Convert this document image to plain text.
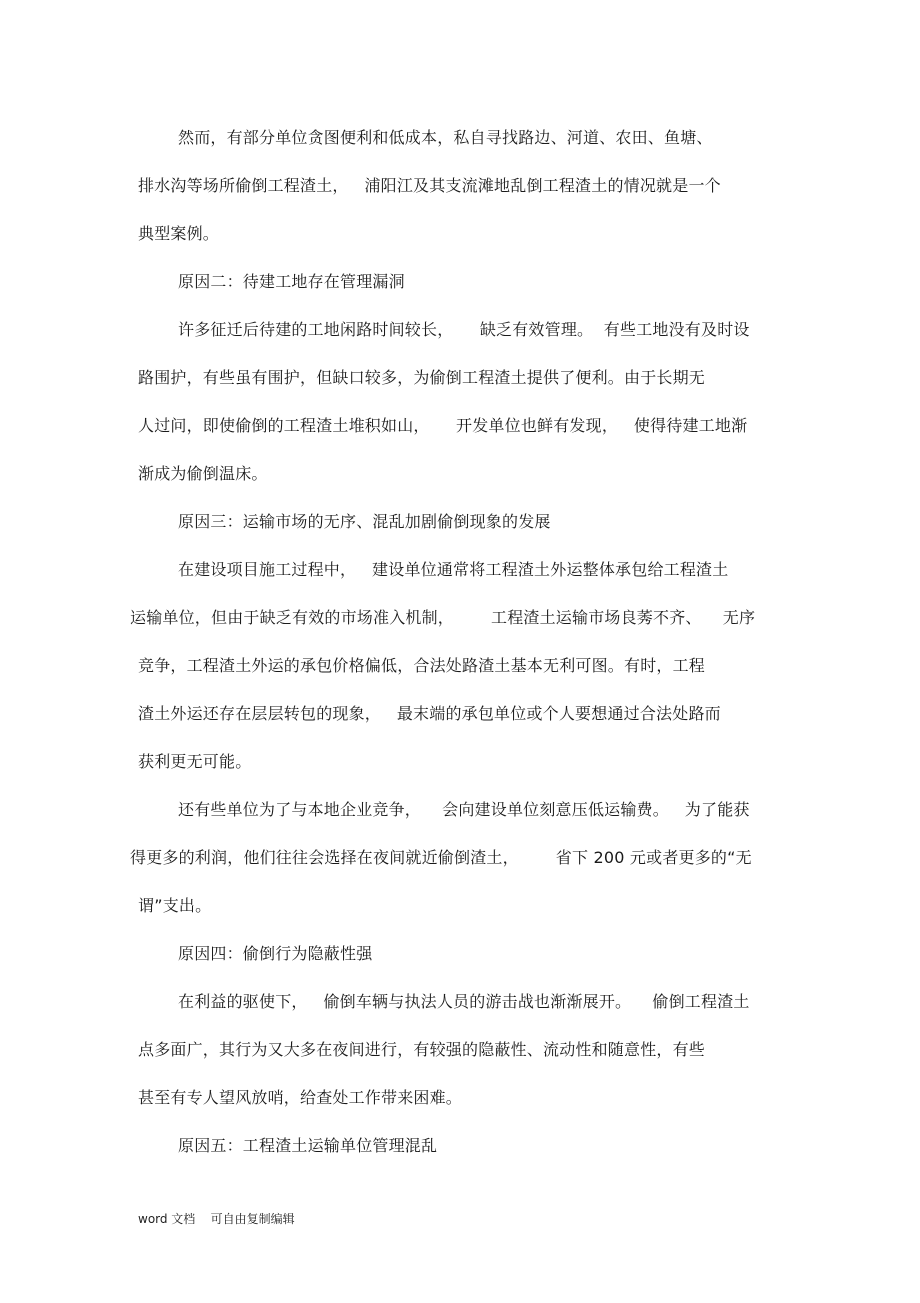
然而，有部分单位贪图便利和低成本，私自寻找路边、河道、农田、鱼塘、
排水沟等场所偷倒工程渣土，   浦阳江及其支流滩地乱倒工程渣土的情况就是一个
典型案例。
原因二：待建工地存在管理漏洞
许多征迁后待建的工地闲路时间较长，     缺乏有效管理。  有些工地没有及时设
路围护，有些虽有围护，但缺口较多，为偷倒工程渣土提供了便利。由于长期无
人过问，即使偷倒的工程渣土堆积如山，     开发单位也鲜有发现，   使得待建工地渐
渐成为偷倒温床。
原因三：运输市场的无序、混乱加剧偷倒现象的发展
在建设项目施工过程中，   建设单位通常将工程渣土外运整体承包给工程渣土
运输单位，但由于缺乏有效的市场准入机制，       工程渣土运输市场良莠不齐、    无序
竞争，工程渣土外运的承包价格偏低，合法处路渣土基本无利可图。有时，工程
渣土外运还存在层层转包的现象，   最末端的承包单位或个人要想通过合法处路而
获利更无可能。
还有些单位为了与本地企业竞争，    会向建设单位刻意压低运输费。   为了能获
得更多的利润，他们往往会选择在夜间就近偷倒渣土，       省下 200 元或者更多的“无
谓”支出。
原因四：偷倒行为隐蔽性强
在利益的驱使下，   偷倒车辆与执法人员的游击战也渐渐展开。    偷倒工程渣土
点多面广，其行为又大多在夜间进行，有较强的隐蔽性、流动性和随意性，有些
甚至有专人望风放哨，给查处工作带来困难。
原因五：工程渣土运输单位管理混乱
word 文档    可自由复制编辑
